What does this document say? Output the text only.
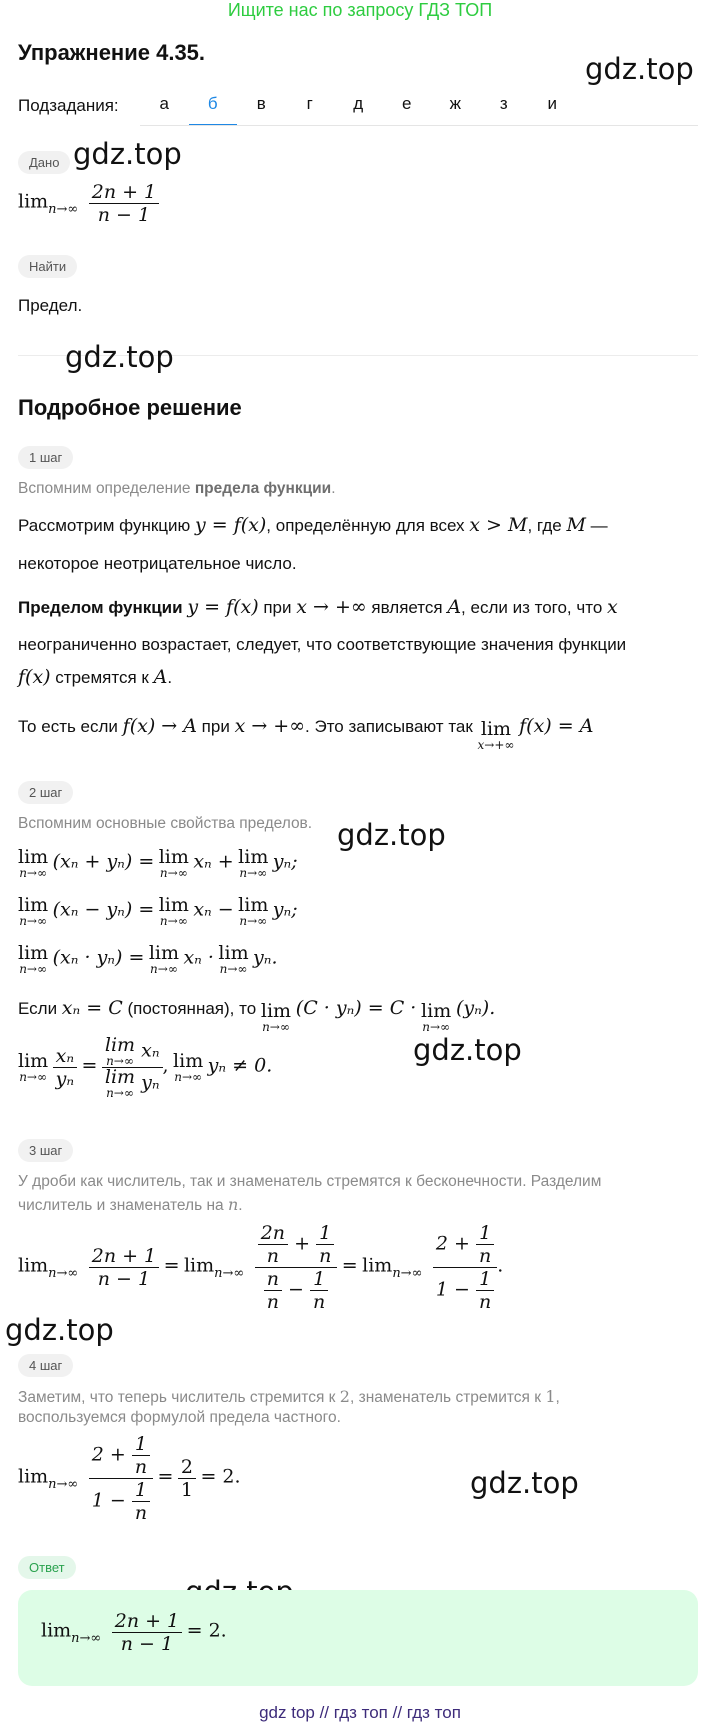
Ищите нас по запросу ГДЗ ТОП
Упражнение 4.35.	gdz.top
Подзадания:	а	б	в	г	д	е	ж	з	и
Дано gdz.top
$\lim_{n\to\infty} \frac{2n + 1}{n - 1}$
Найти
Предел.
gdz.top
Подробное решение
1 шаг
Вспомним определение предела функции.
Рассмотрим функцию y = f(x), определённую для всех x > M, где M —
некоторое неотрицательное число.
Пределом функции y = f(x) при x → +∞ является A, если из того, что x
неограниченно возрастает, следует, что соответствующие значения функции
f(x) стремятся к A.
То есть если f(x) → A при x → +∞. Это записывают так lim
x→+∞
f(x) = A
2 шаг
Вспомним основные свойства пределов. gdz.top
lim
n→∞
(xₙ + yₙ) = lim
n→∞
xₙ + lim
n→∞
yₙ;
lim
n→∞
(xₙ − yₙ) = lim
n→∞
xₙ − lim
n→∞
yₙ;
lim
n→∞
(xₙ · yₙ) = lim
n→∞
xₙ · lim
n→∞
yₙ.
Если xₙ = C (постоянная), то lim
n→∞
(C · yₙ) = C · lim
n→∞
(yₙ).
lim
n→∞
$\frac{\text{xₙ}}{\text{yₙ}} = \lim$
n→∞ xₙ
lim
n→∞ yₙ , lim
n→∞
yₙ ≠ 0.	gdz.top
3 шаг
У дроби как числитель, так и знаменатель стремятся к бесконечности. Разделим
числитель и знаменатель на n.
$\lim_{n\to\infty} \frac{2n + 1}{n - 1} = \lim_{n\to\infty} \frac{\frac{2n}{n} + \frac{1}{n}}{\frac{n}{n} - \frac{1}{n}} = \lim_{n\to\infty} \frac{2 + \frac{1}{n}}{1 - \frac{1}{n}}$ .
gdz.top
4 шаг
Заметим, что теперь числитель стремится к 2, знаменатель стремится к 1,
воспользуемся формулой предела частного.
$\lim_{n\to\infty} \frac{2 + \frac{1}{n}}{1 - \frac{1}{n}} = \frac{2}{1} = 2$.	gdz.top
Ответ
$\lim_{n\to\infty} \frac{2n + 1}{n - 1} = 2$.
gdz top // гдз топ // гдз топ
